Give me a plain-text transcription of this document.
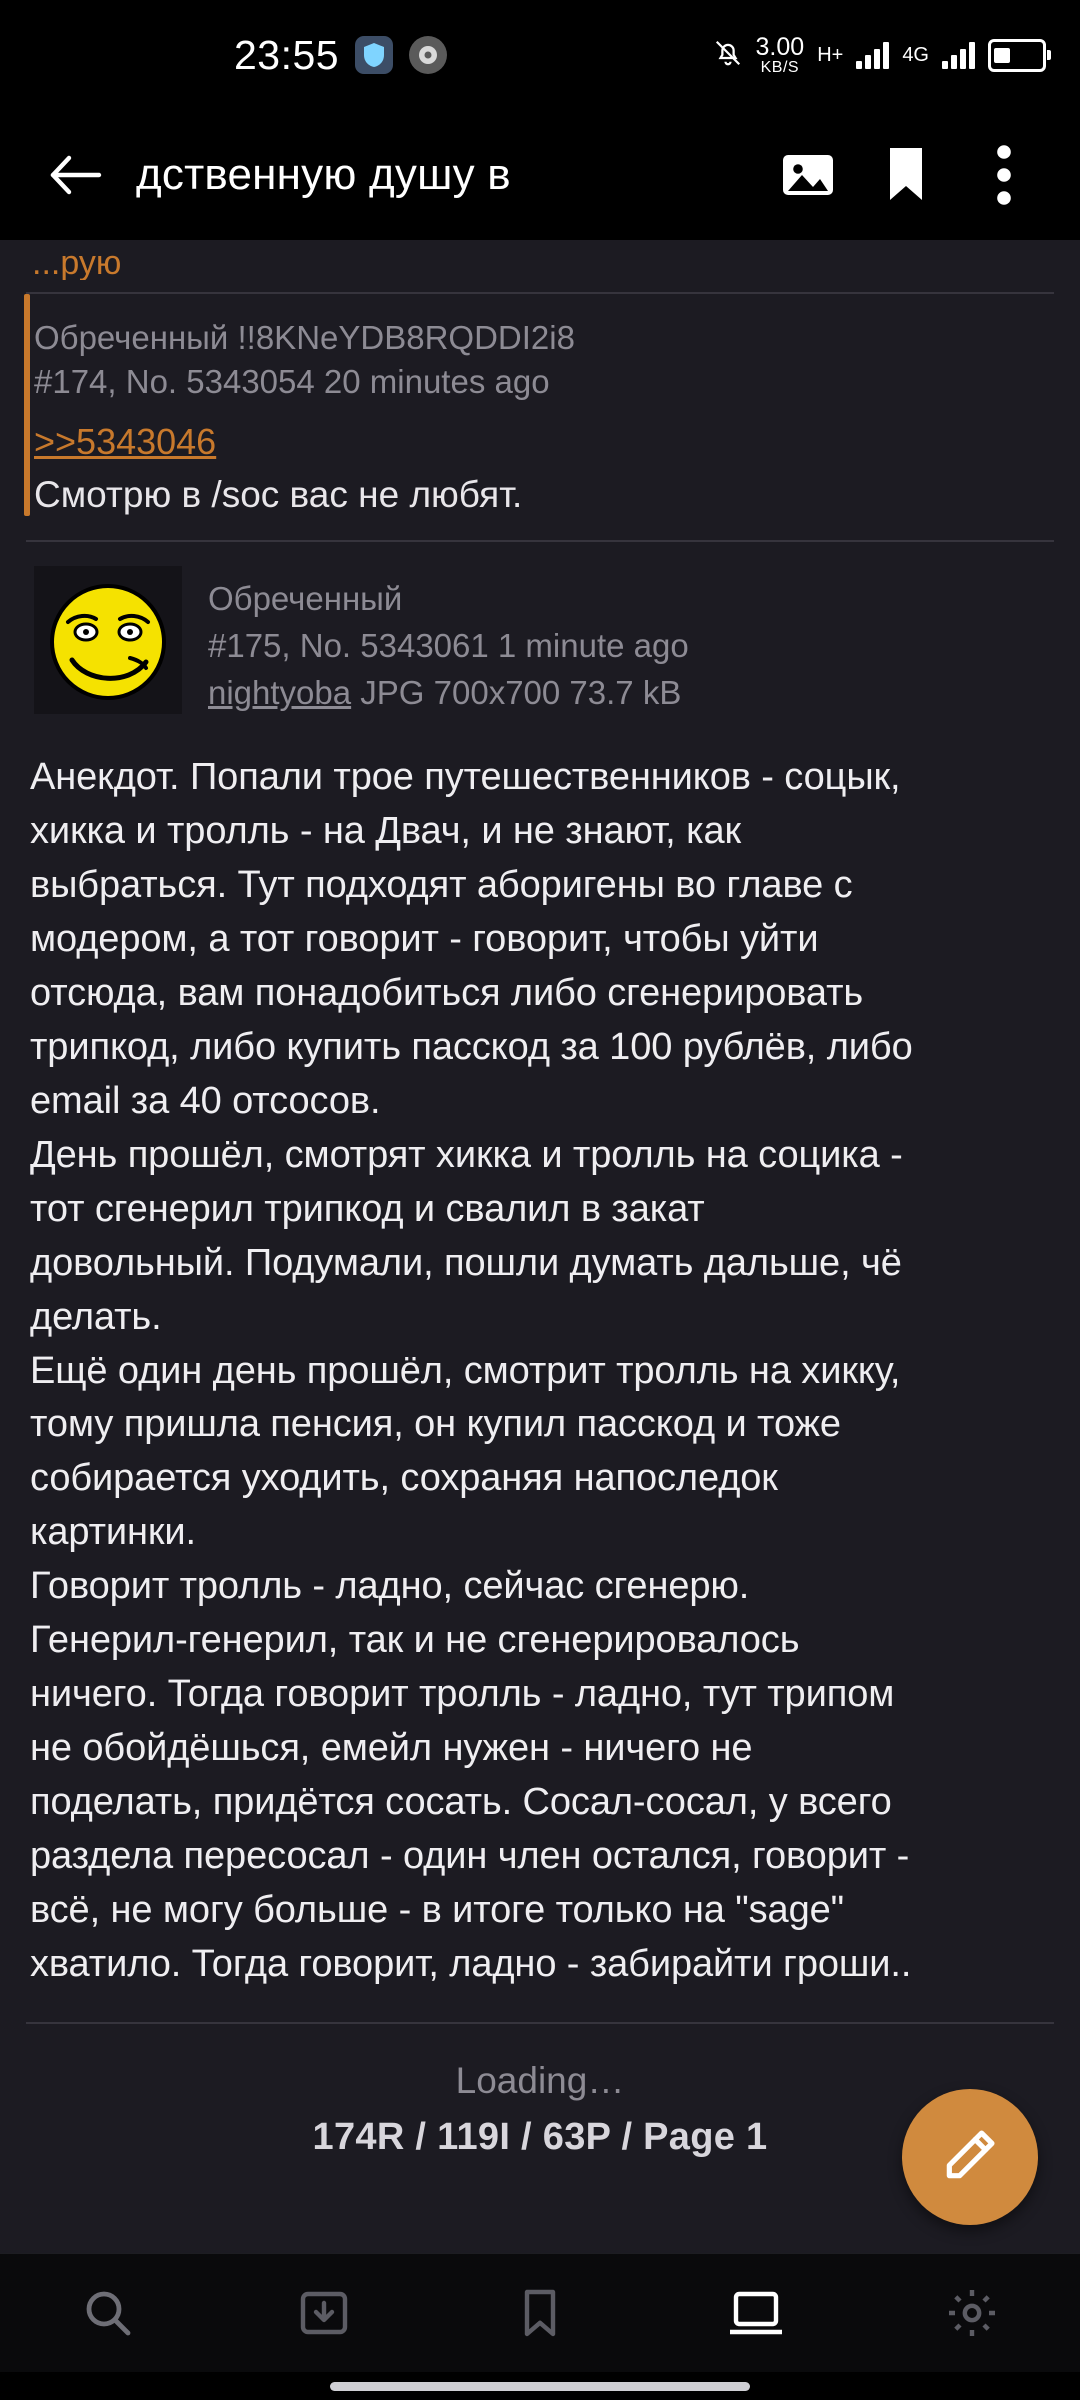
23:55	3.00
KB/S
H+	4G
дственную душу в
...рую
Обреченный !!8KNeYDB8RQDDI2i8
#174, No. 5343054 20 minutes ago
>>5343046
Смотрю в /soc вас не любят.
Обреченный
#175, No. 5343061 1 minute ago
nightyoba JPG 700x700 73.7 kB

Анекдот. Попали трое путешественников - соцык,

хикка и тролль - на Двач, и не знают, как

выбраться. Тут подходят аборигены во главе с

модером, а тот говорит - говорит, чтобы уйти

отсюда, вам понадобиться либо сгенерировать

трипкод, либо купить пасскод за 100 рублёв, либо

email за 40 отсосов.

День прошёл, смотрят хикка и тролль на социка -

тот сгенерил трипкод и свалил в закат

довольный. Подумали, пошли думать дальше, чё

делать.

Ещё один день прошёл, смотрит тролль на хикку,

тому пришла пенсия, он купил пасскод и тоже

собирается уходить, сохраняя напоследок

картинки.

Говорит тролль - ладно, сейчас сгенерю.

Генерил-генерил, так и не сгенерировалось

ничего. Тогда говорит тролль - ладно, тут трипом

не обойдёшься, емейл нужен - ничего не

поделать, придётся сосать. Сосал-сосал, у всего

раздела пересосал - один член остался, говорит -

всё, не могу больше - в итоге только на "sage"

хватило. Тогда говорит, ладно - забирайти гроши..

Loading…
174R / 119I / 63P / Page 1
